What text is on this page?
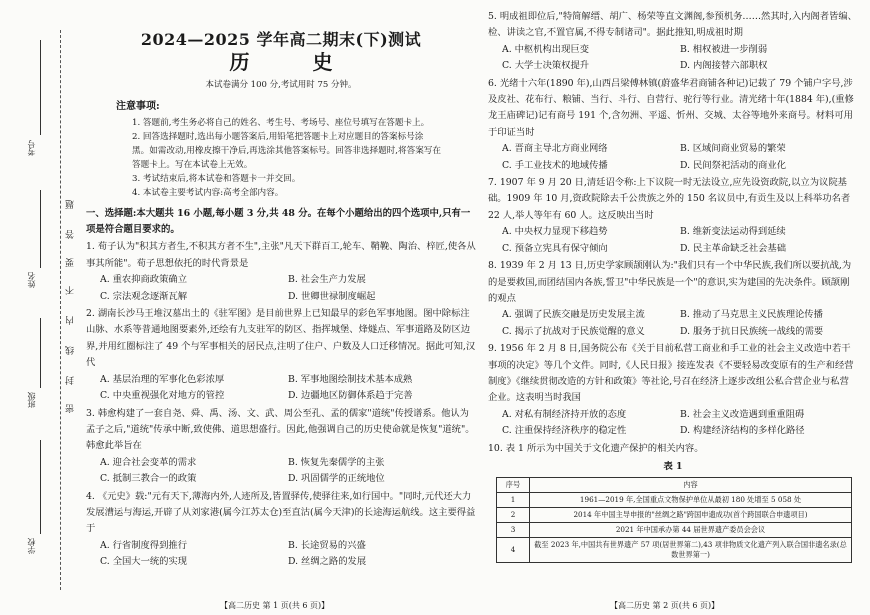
考号
姓名
班级
学校
题
答
要
不
内
线
封
密
2024—2025 学年高二期末(下)测试
历 史
本试卷满分 100 分,考试用时 75 分钟。
注意事项:
1. 答题前,考生务必将自己的姓名、考生号、考场号、座位号填写在答题卡上。
2. 回答选择题时,选出每小题答案后,用铅笔把答题卡上对应题目的答案标号涂
黑。如需改动,用橡皮擦干净后,再选涂其他答案标号。回答非选择题时,将答案写在
答题卡上。写在本试卷上无效。
3. 考试结束后,将本试卷和答题卡一并交回。
4. 本试卷主要考试内容:高考全部内容。
一、选择题:本大题共 16 小题,每小题 3 分,共 48 分。在每个小题给出的四个选项中,只有一项是符合题目要求的。
1. 荀子认为"积其方者生,不积其方者不生",主张"凡天下群百工,轮车、鞘鞔、陶治、梓匠,使各从事其所能"。荀子思想依托的时代背景是
A. 重农抑商政策确立	B. 社会生产力发展
C. 宗法观念逐渐瓦解	D. 世卿世禄制度崛起
2. 湖南长沙马王堆汉墓出土的《驻军图》是目前世界上已知最早的彩色军事地图。图中除标注山脉、水系等普通地图要素外,还绘有九支驻军的防区、指挥城堡、烽燧点、军事道路及防区边界,并用红圈标注了 49 个与军事相关的居民点,注明了住户、户数及人口迁移情况。据此可知,汉代
A. 基层治理的军事化色彩浓厚	B. 军事地图绘制技术基本成熟
C. 中央重视强化对地方的管控	D. 边疆地区防御体系趋于完善
3. 韩愈构建了一套自尧、舜、禹、汤、文、武、周公至孔、孟的儒家"道统"传授谱系。他认为孟子之后,"道统"传承中断,致使佛、道思想盛行。因此,他强调自己的历史使命就是恢复"道统"。韩愈此举旨在
A. 迎合社会变革的需求	B. 恢复先秦儒学的主张
C. 抵制三教合一的政策	D. 巩固儒学的正统地位
4. 《元史》载:"元有天下,薄海内外,人迹所及,皆置驿传,使驿往来,如行国中。"同时,元代还大力发展漕运与海运,开辟了从刘家港(属今江苏太仓)至直沽(属今天津)的长途海运航线。这主要得益于
A. 行省制度得到推行	B. 长途贸易的兴盛
C. 全国大一统的实现	D. 丝绸之路的发展
【高二历史 第 1 页(共 6 页)】
5. 明成祖即位后,"特简解缙、胡广、杨荣等直文渊阁,参预机务……然其时,入内阁者皆编、检、讲读之官,不置官属,不得专制诸司"。据此推知,明成祖时期
A. 中枢机构出现巨变	B. 相权被进一步削弱
C. 大学士决策权提升	D. 内阁接替六部职权
6. 光绪十六年(1890 年),山西吕梁傅林镇(蔚盛华君商铺各种记)记载了 79 个铺户字号,涉及皮社、花布行、粮铺、当行、斗行、自营行、驼行等行业。清光绪十年(1884 年),(重修龙王庙碑记)记有商号 191 个,含勿洲、平遥、忻州、交城、太谷等地外来商号。材料可用于印证当时
A. 晋商主导北方商业网络	B. 区域间商业贸易的繁荣
C. 手工业技术的地域传播	D. 民间祭祀活动的商业化
7. 1907 年 9 月 20 日,清廷诏令称:上下议院一时无法设立,应先设资政院,以立为议院基础。1909 年 10 月,资政院除去千公贵族之外的 150 名议员中,有贡生及以上科举功名者 22 人,举人等年有 60 人。这反映出当时
A. 中央权力显现下移趋势	B. 维新变法运动得到延续
C. 预备立宪具有保守倾向	D. 民主革命缺乏社会基础
8. 1939 年 2 月 13 日,历史学家顾颉刚认为:"我们只有一个中华民族,我们所以要抗战,为的是要救国,而团结国内各族,誓卫"中华民族是一个"的意识,实为建国的先决条件。顾颉刚的观点
A. 强调了民族交融是历史发展主流	B. 推动了马克思主义民族理论传播
C. 揭示了抗战对于民族觉醒的意义	D. 服务于抗日民族统一战线的需要
9. 1956 年 2 月 8 日,国务院公布《关于目前私营工商业和手工业的社会主义改造中若干事项的决定》等几个文件。同时,《人民日报》接连发表《不要轻易改变原有的生产和经营制度》《继续贯彻改造的方针和政策》等社论,号召在经济上逐步改组公私合营企业与私营企业。这表明当时我国
A. 对私有制经济持开放的态度	B. 社会主义改造遇到重重阻碍
C. 注重保持经济秩序的稳定性	D. 构建经济结构的多样化路径
10. 表 1 所示为中国关于文化遗产保护的相关内容。
表 1
序号	内容
1	1961—2019 年,全国重点文物保护单位从最初 180 处增至 5 058 处
2	2014 年中国主导申报的"丝绸之路"跨国申遗成功(首个跨国联合申遗项目)
3	2021 年中国承办第 44 届世界遗产委员会会议
4	截至 2023 年,中国共有世界遗产 57 项(居世界第二),43 项非物质文化遗产列入联合国非遗名录(总数世界第一)
【高二历史 第 2 页(共 6 页)】
